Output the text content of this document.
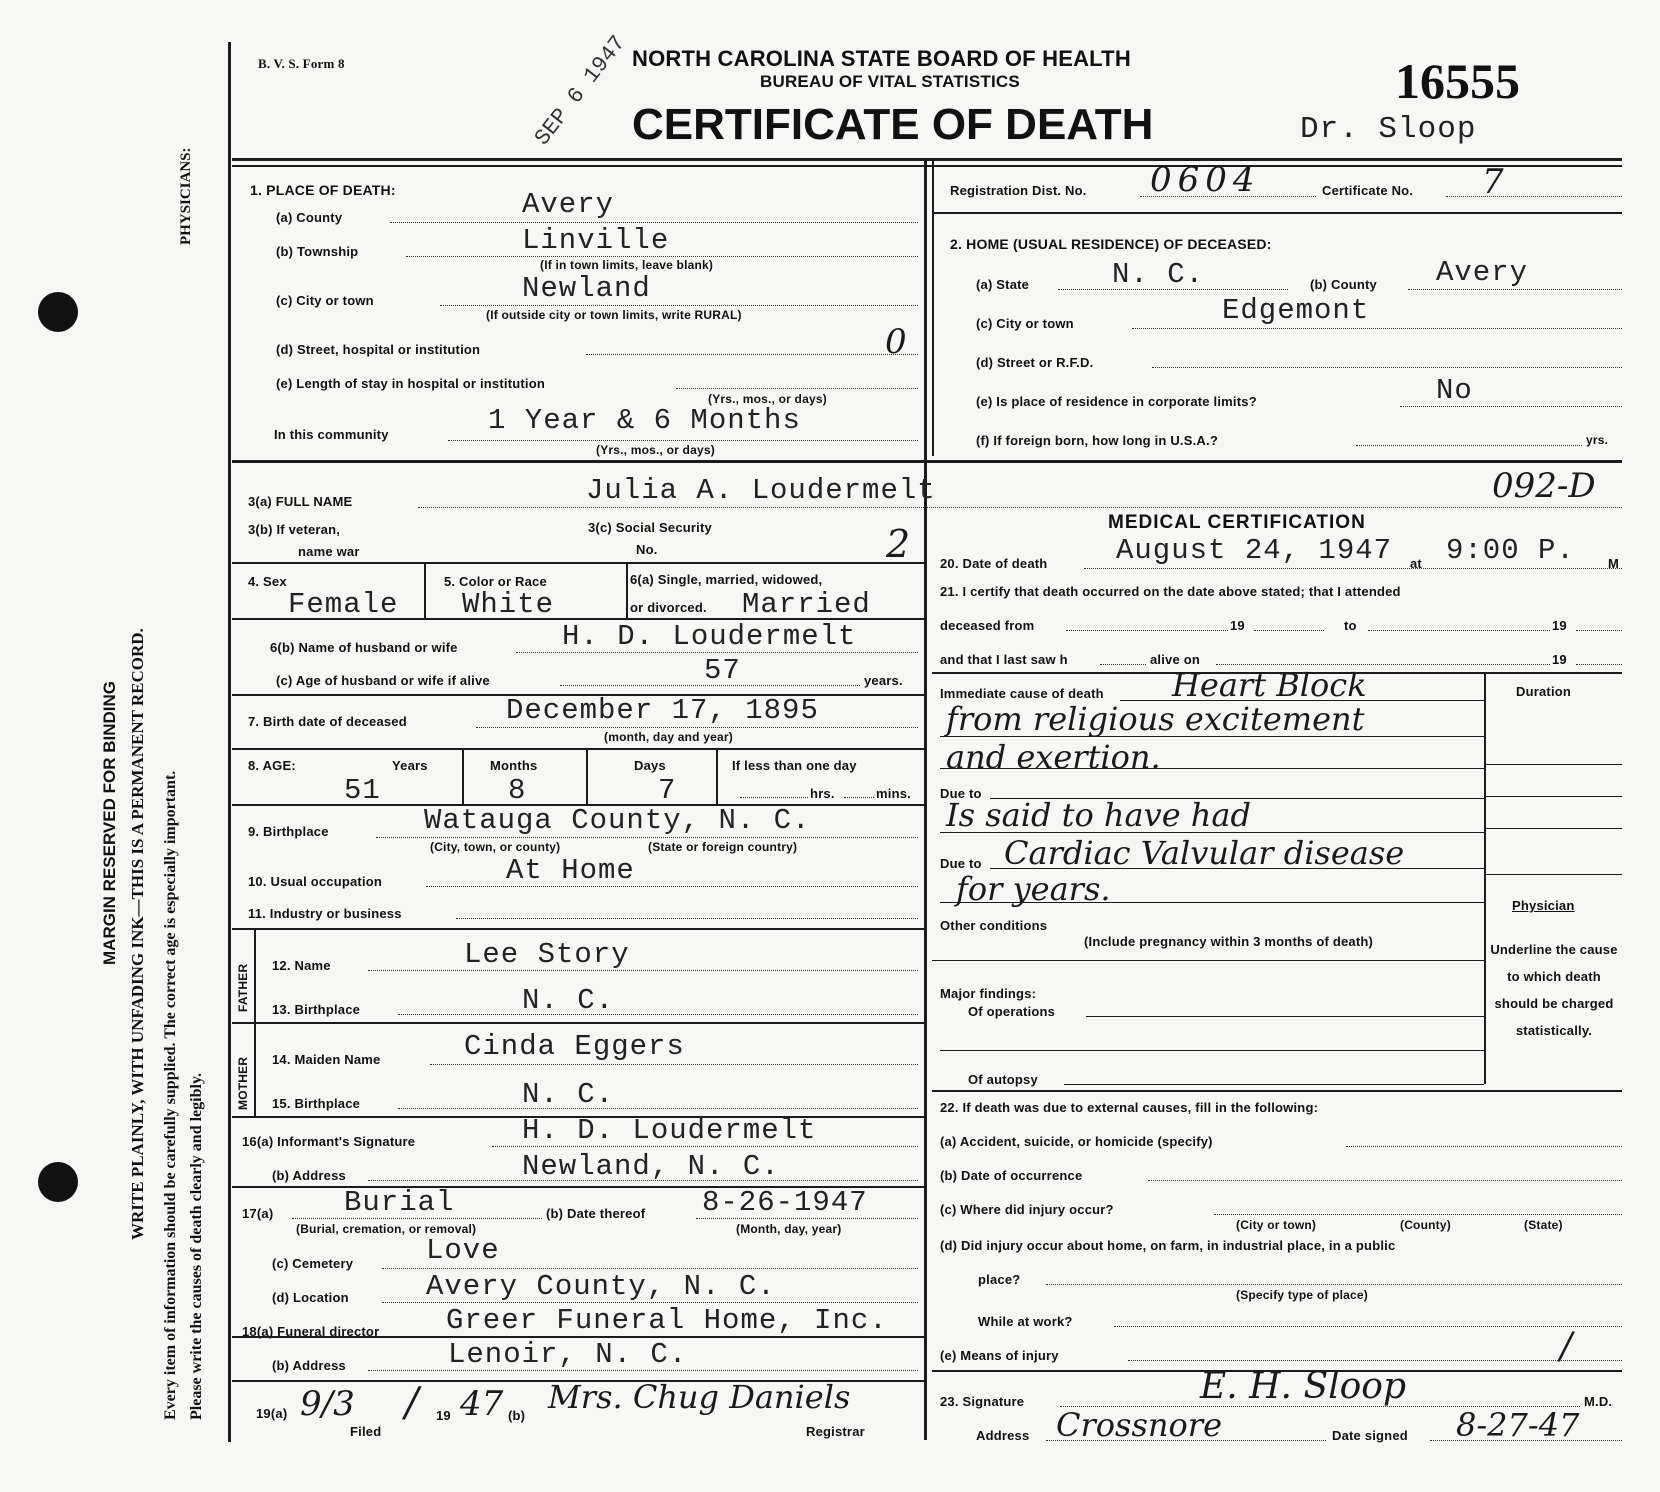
PHYSICIANS:
MARGIN RESERVED FOR BINDING WRITE PLAINLY, WITH UNFADING INK—THIS IS A PERMANENT RECORD. Every item of information should be carefully supplied. The correct age is especially important. Please write the causes of death clearly and legibly.
B. V. S. Form 8	NORTH CAROLINA STATE BOARD OF HEALTH
BUREAU OF VITAL STATISTICS
CERTIFICATE OF DEATH
16555
Dr. Sloop
SEP 6 1947
1. PLACE OF DEATH:
(a) County	Avery
(b) Township	Linville
(If in town limits, leave blank)
(c) City or town	Newland
(If outside city or town limits, write RURAL)
(d) Street, hospital or institution	0
(e) Length of stay in hospital or institution
(Yrs., mos., or days)
In this community	1 Year & 6 Months
(Yrs., mos., or days)
Registration Dist. No. 0604	Certificate No. 7
2. HOME (USUAL RESIDENCE) OF DECEASED:
(a) State	N. C.	(b) County Avery
(c) City or town	Edgemont
(d) Street or R.F.D.
(e) Is place of residence in corporate limits?	No
(f) If foreign born, how long in U.S.A.?	yrs.
3(a) FULL NAME	Julia A. Loudermelt	092-D
MEDICAL CERTIFICATION
3(b) If veteran,
name war
3(c) Social Security
No.	2
4. Sex
Female
5. Color or Race
White
6(a) Single, married, widowed,
or divorced. Married
6(b) Name of husband or wife	H. D. Loudermelt
(c) Age of husband or wife if alive	57	years.
7. Birth date of deceased	December 17, 1895
(month, day and year)
8. AGE:	Years
51
Months
8
Days
7
If less than one day
hrs.	mins.
9. Birthplace	Watauga County, N. C.
(City, town, or county)	(State or foreign country)
10. Usual occupation	At Home
11. Industry or business
FATHER
MOTHER
12. Name	Lee Story
13. Birthplace	N. C.
14. Maiden Name	Cinda Eggers
15. Birthplace	N. C.
16(a) Informant's Signature	H. D. Loudermelt
(b) Address	Newland, N. C.
17(a) Burial
(Burial, cremation, or removal)
(b) Date thereof 8-26-1947
(Month, day, year)
(c) Cemetery	Love
(d) Location	Avery County, N. C.
18(a) Funeral director Greer Funeral Home, Inc.
(b) Address	Lenoir, N. C.
19(a) 9/3
Filed
/ 19 47 (b) Mrs. Chug Daniels
Registrar
20. Date of death August 24, 1947 at 9:00 P.	M
21. I certify that death occurred on the date above stated; that I attended
deceased from	19	to	19
and that I last saw h	alive on	19
Duration
Immediate cause of death Heart Block
from religious excitement
and exertion.
Due to
Is said to have had
Due to Cardiac Valvular disease
for years.
Other conditions
(Include pregnancy within 3 months of death)
Physician
Underline the cause to which death should be charged statistically.
Major findings:
Of operations
Of autopsy
22. If death was due to external causes, fill in the following:
(a) Accident, suicide, or homicide (specify)
(b) Date of occurrence
(c) Where did injury occur?
(City or town)	(County)	(State)
(d) Did injury occur about home, on farm, in industrial place, in a public
place?
(Specify type of place)
While at work?
(e) Means of injury	/
23. Signature	E. H. Sloop	M.D.
Address Crossnore	Date signed 8-27-47
